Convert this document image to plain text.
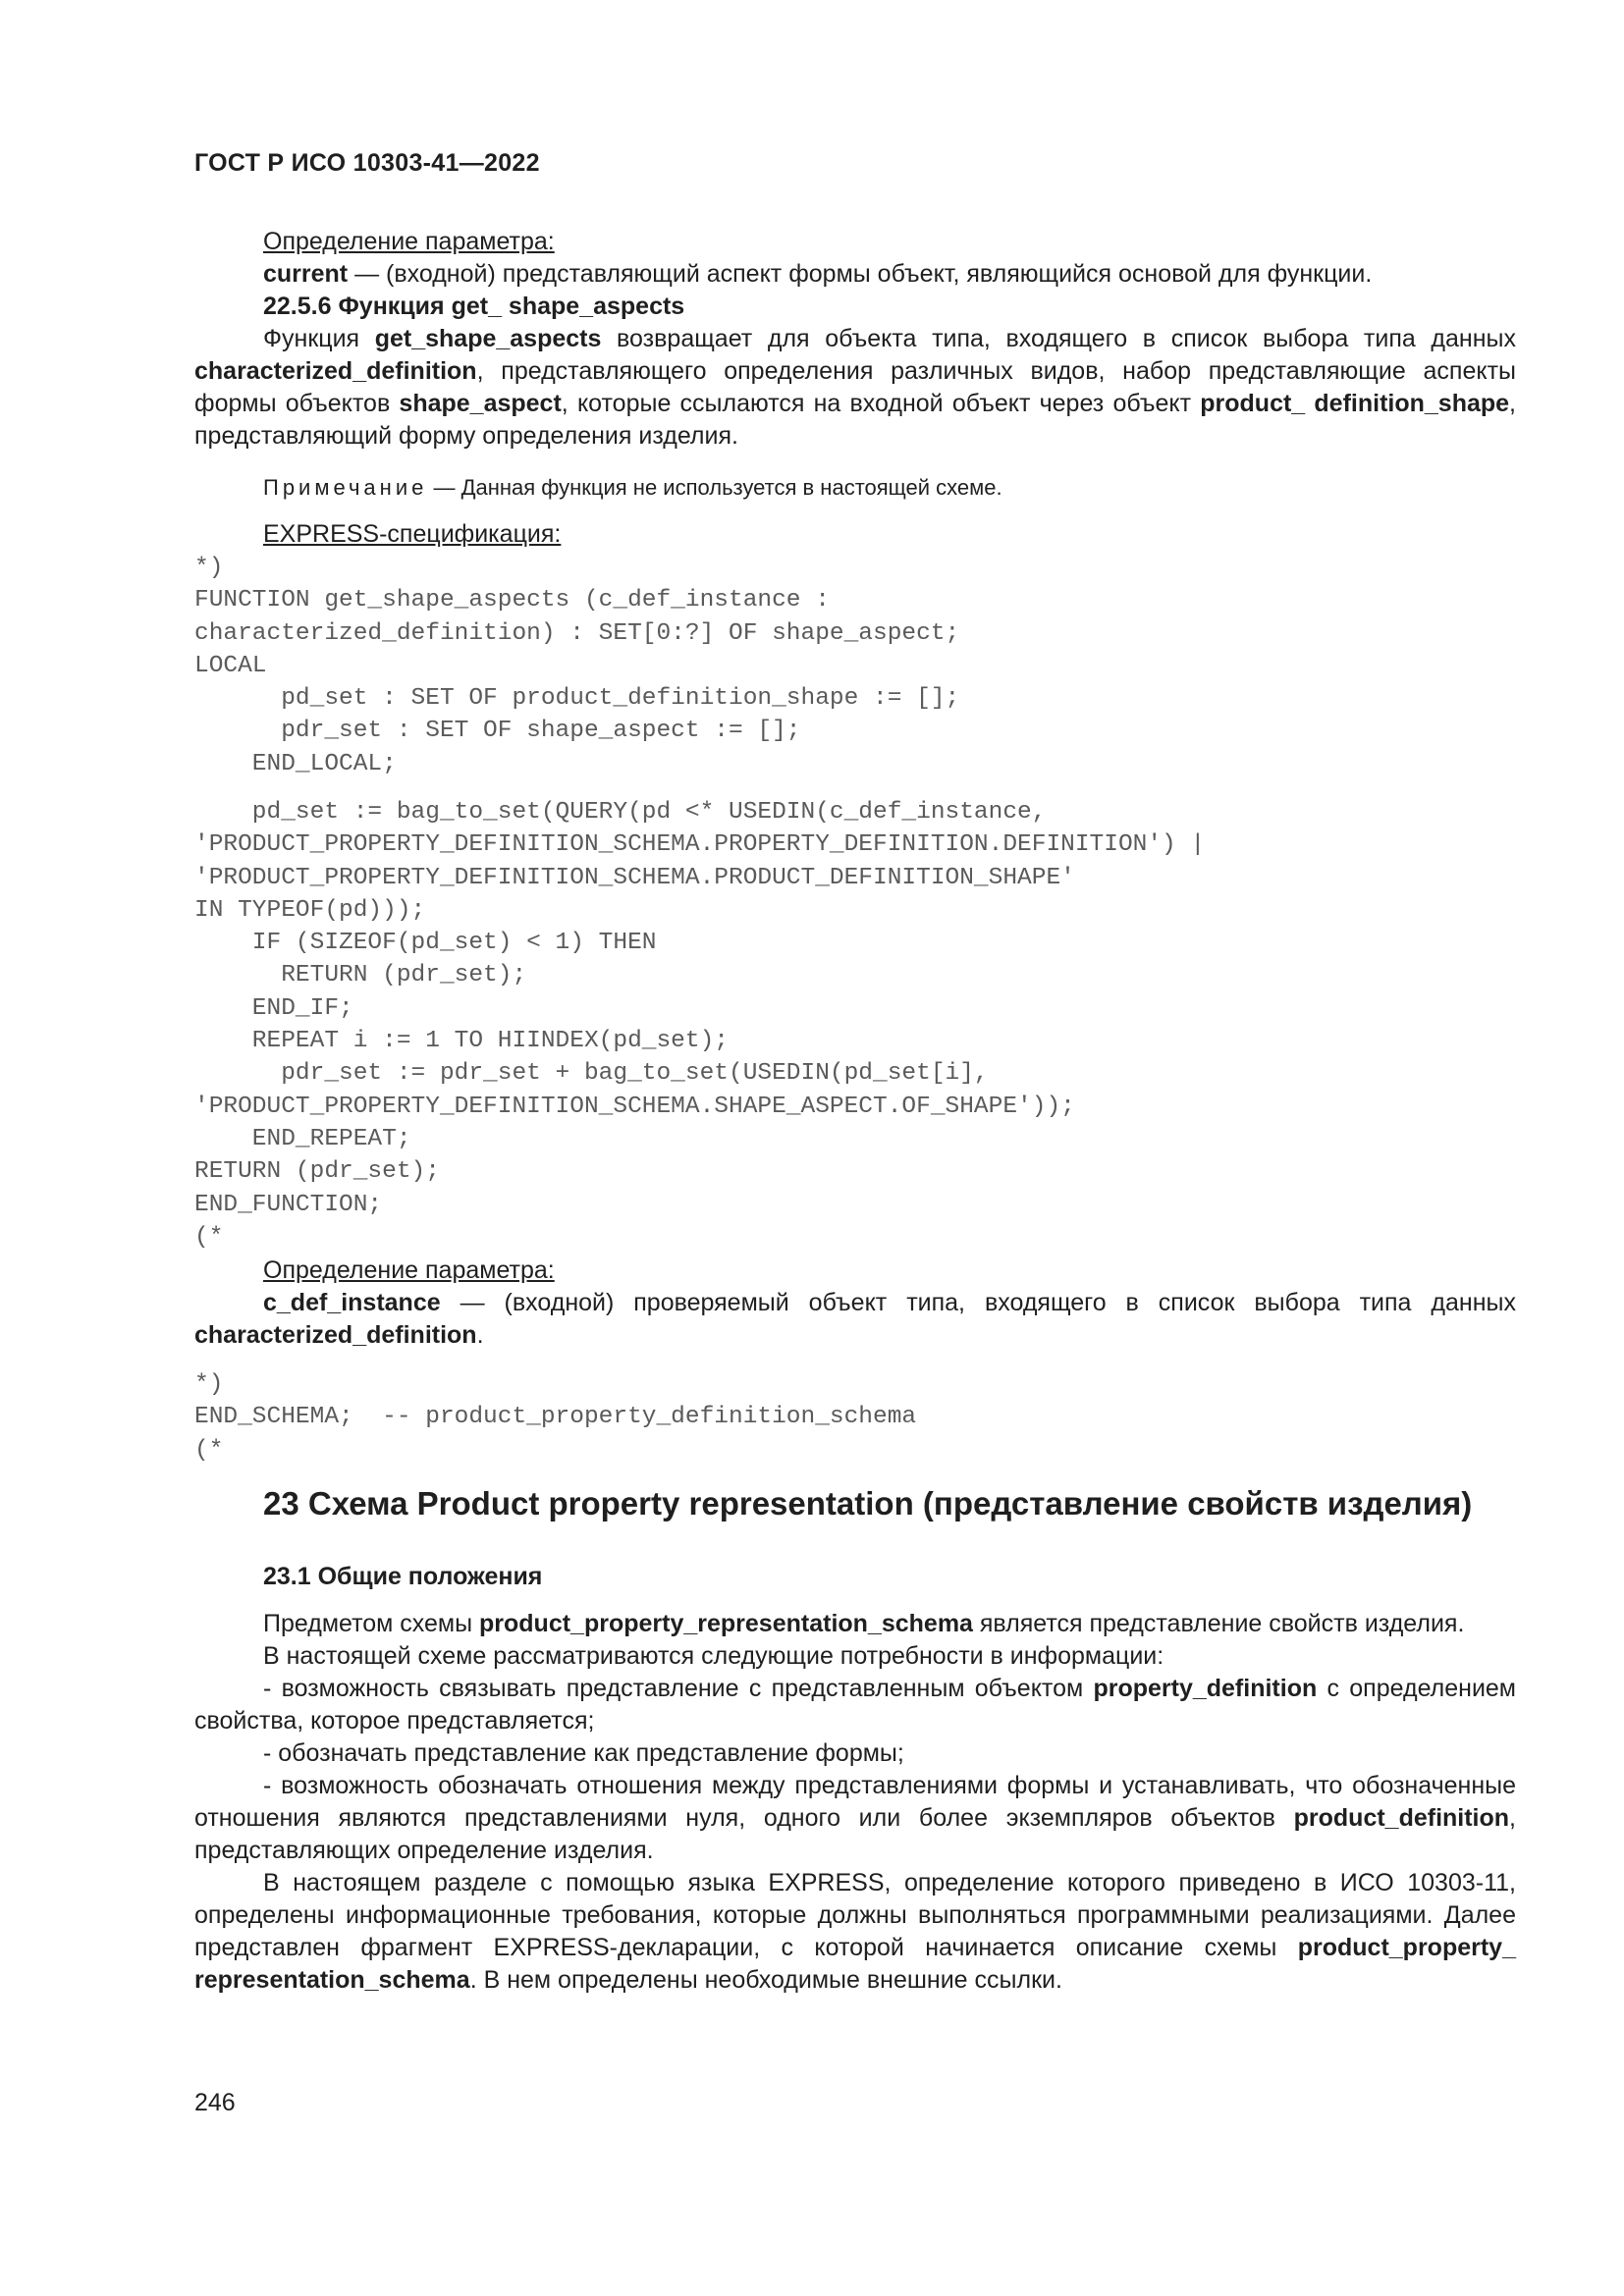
ГОСТ Р ИСО 10303-41—2022
Определение параметра:
current — (входной) представляющий аспект формы объект, являющийся основой для функции.
22.5.6 Функция get_ shape_aspects
Функция get_shape_aspects возвращает для объекта типа, входящего в список выбора типа данных characterized_definition, представляющего определения различных видов, набор представляющие аспекты формы объектов shape_aspect, которые ссылаются на входной объект через объект product_ definition_shape, представляющий форму определения изделия.
Примечание — Данная функция не используется в настоящей схеме.
EXPRESS-спецификация:
*)
FUNCTION get_shape_aspects (c_def_instance :
characterized_definition) : SET[0:?] OF shape_aspect;
LOCAL
pd_set : SET OF product_definition_shape := [];
pdr_set : SET OF shape_aspect := [];
END_LOCAL;
pd_set := bag_to_set(QUERY(pd <* USEDIN(c_def_instance,
'PRODUCT_PROPERTY_DEFINITION_SCHEMA.PROPERTY_DEFINITION.DEFINITION') |
'PRODUCT_PROPERTY_DEFINITION_SCHEMA.PRODUCT_DEFINITION_SHAPE'
IN TYPEOF(pd)));
IF (SIZEOF(pd_set) < 1) THEN
RETURN (pdr_set);
END_IF;
REPEAT i := 1 TO HIINDEX(pd_set);
pdr_set := pdr_set + bag_to_set(USEDIN(pd_set[i],
'PRODUCT_PROPERTY_DEFINITION_SCHEMA.SHAPE_ASPECT.OF_SHAPE'));
END_REPEAT;
RETURN (pdr_set);
END_FUNCTION;
(*
Определение параметра:
c_def_instance — (входной) проверяемый объект типа, входящего в список выбора типа данных characterized_definition.
*)
END_SCHEMA;  -- product_property_definition_schema
(*
23 Схема Product property representation (представление свойств изделия)
23.1 Общие положения
Предметом схемы product_property_representation_schema является представление свойств изделия.
В настоящей схеме рассматриваются следующие потребности в информации:
- возможность связывать представление с представленным объектом property_definition с определением свойства, которое представляется;
- обозначать представление как представление формы;
- возможность обозначать отношения между представлениями формы и устанавливать, что обозначенные отношения являются представлениями нуля, одного или более экземпляров объектов product_definition, представляющих определение изделия.
В настоящем разделе с помощью языка EXPRESS, определение которого приведено в ИСО 10303-11, определены информационные требования, которые должны выполняться программными реализациями. Далее представлен фрагмент EXPRESS-декларации, с которой начинается описание схемы product_property_ representation_schema. В нем определены необходимые внешние ссылки.
246
